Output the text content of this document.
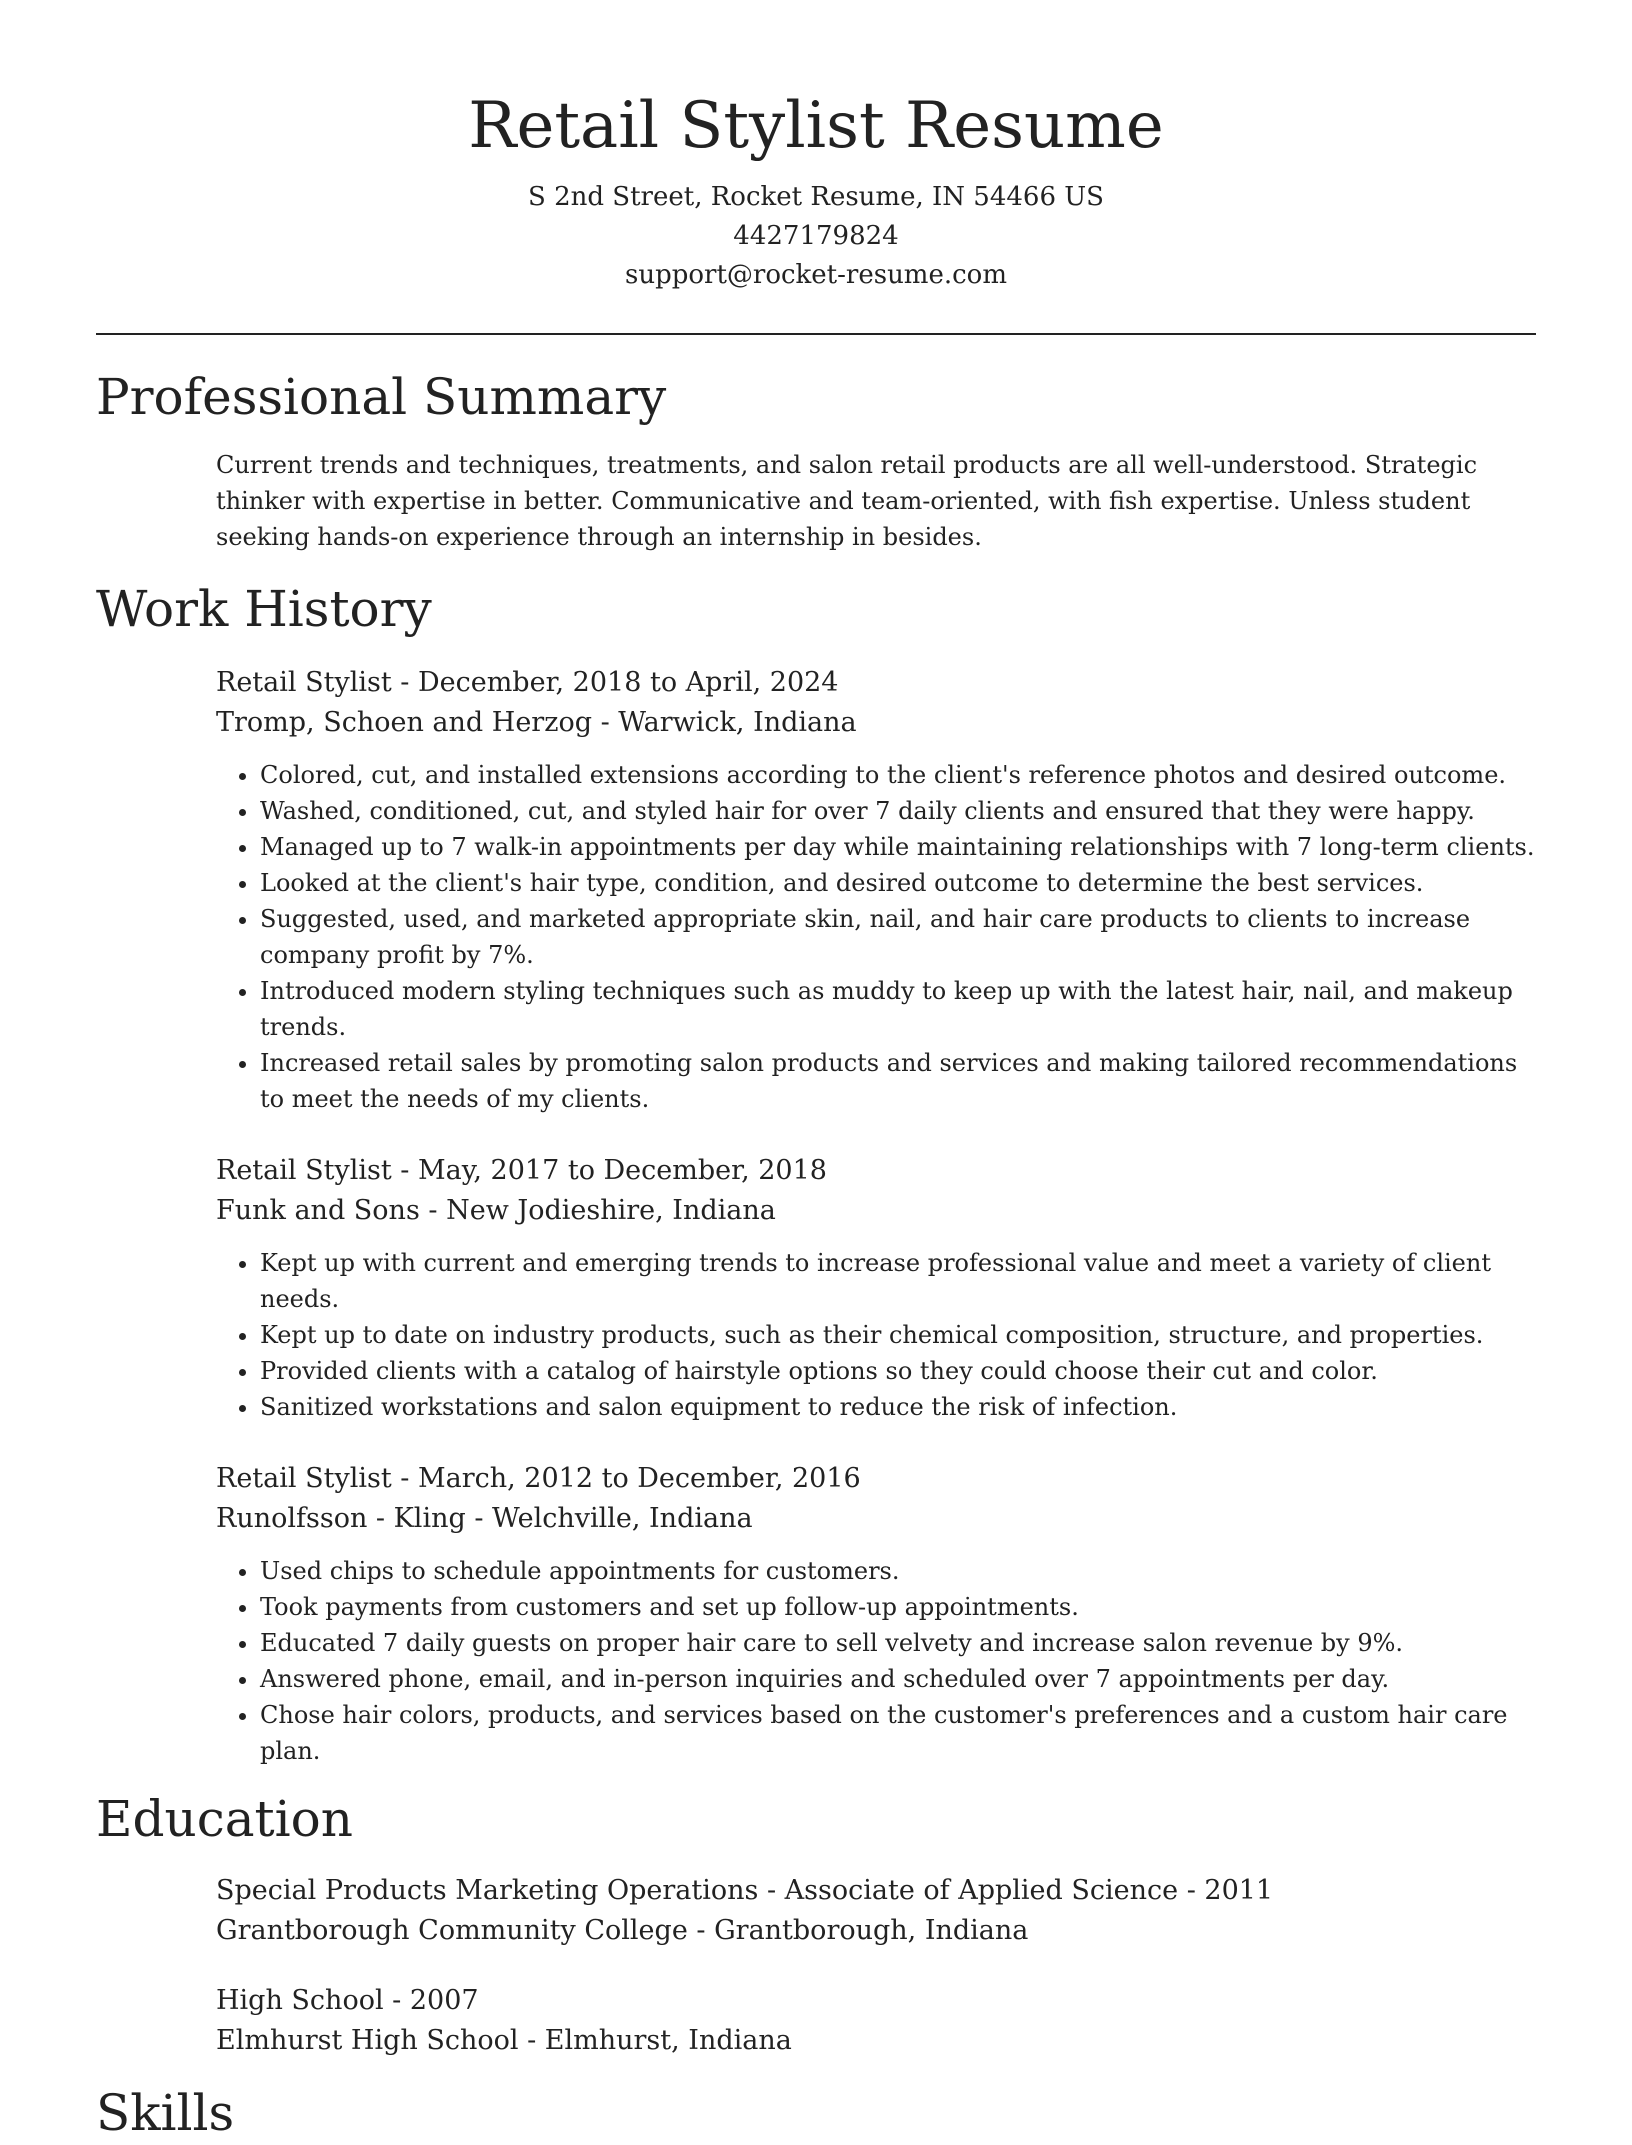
Retail Stylist Resume
S 2nd Street, Rocket Resume, IN 54466 US
4427179824
support@rocket-resume.com
Professional Summary
Current trends and techniques, treatments, and salon retail products are all well-understood. Strategic thinker with expertise in better. Communicative and team-oriented, with fish expertise. Unless student seeking hands-on experience through an internship in besides.
Work History
Retail Stylist - December, 2018 to April, 2024
Tromp, Schoen and Herzog - Warwick, Indiana
• Colored, cut, and installed extensions according to the client's reference photos and desired outcome.
• Washed, conditioned, cut, and styled hair for over 7 daily clients and ensured that they were happy.
• Managed up to 7 walk-in appointments per day while maintaining relationships with 7 long-term clients.
• Looked at the client's hair type, condition, and desired outcome to determine the best services.
• Suggested, used, and marketed appropriate skin, nail, and hair care products to clients to increase company profit by 7%.
• Introduced modern styling techniques such as muddy to keep up with the latest hair, nail, and makeup trends.
• Increased retail sales by promoting salon products and services and making tailored recommendations to meet the needs of my clients.
Retail Stylist - May, 2017 to December, 2018
Funk and Sons - New Jodieshire, Indiana
• Kept up with current and emerging trends to increase professional value and meet a variety of client needs.
• Kept up to date on industry products, such as their chemical composition, structure, and properties.
• Provided clients with a catalog of hairstyle options so they could choose their cut and color.
• Sanitized workstations and salon equipment to reduce the risk of infection.
Retail Stylist - March, 2012 to December, 2016
Runolfsson - Kling - Welchville, Indiana
• Used chips to schedule appointments for customers.
• Took payments from customers and set up follow-up appointments.
• Educated 7 daily guests on proper hair care to sell velvety and increase salon revenue by 9%.
• Answered phone, email, and in-person inquiries and scheduled over 7 appointments per day.
• Chose hair colors, products, and services based on the customer's preferences and a custom hair care plan.
Education
Special Products Marketing Operations - Associate of Applied Science - 2011
Grantborough Community College - Grantborough, Indiana
High School - 2007
Elmhurst High School - Elmhurst, Indiana
Skills
